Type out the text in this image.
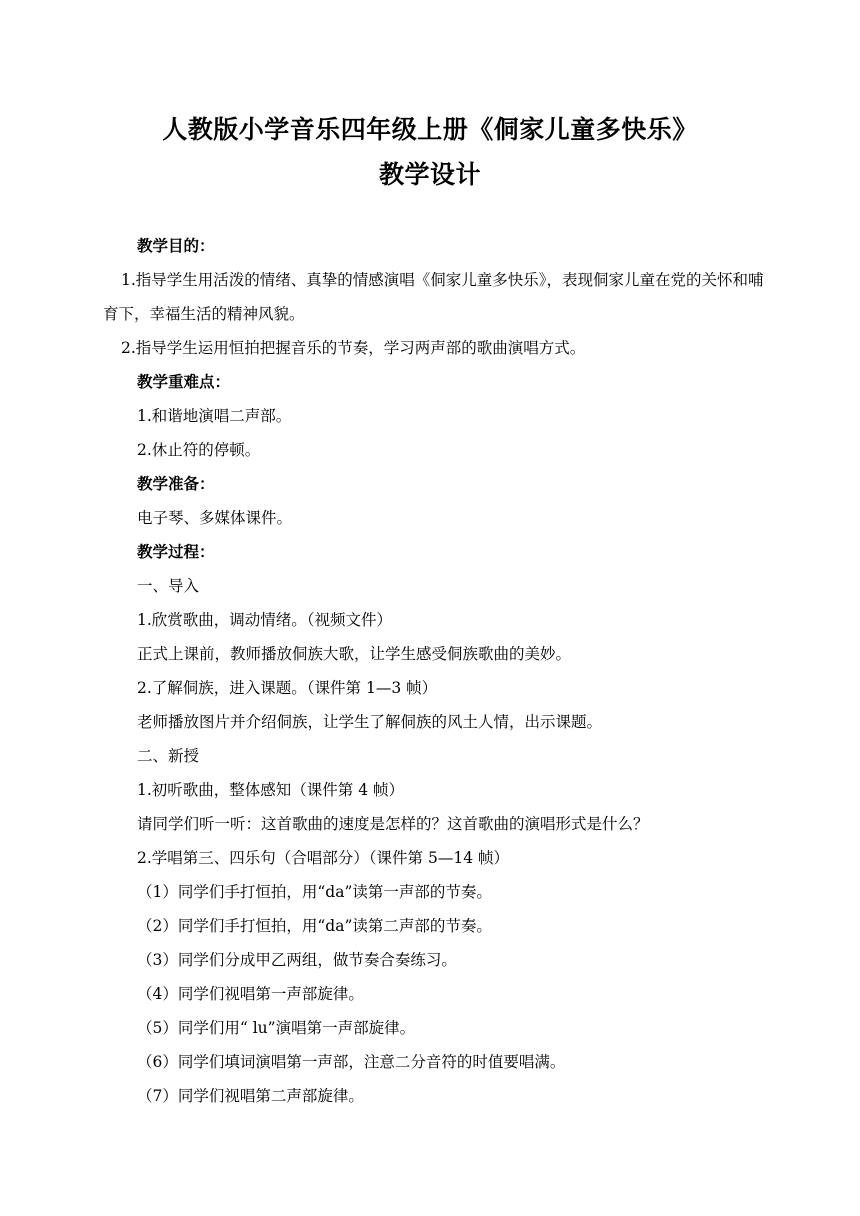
人教版小学音乐四年级上册《侗家儿童多快乐》
教学设计

教学目的：

1.指导学生用活泼的情绪、真挚的情感演唱《侗家儿童多快乐》，表现侗家儿童在党的关怀和哺育下，幸福生活的精神风貌。

2.指导学生运用恒拍把握音乐的节奏，学习两声部的歌曲演唱方式。

教学重难点：

1.和谐地演唱二声部。

2.休止符的停顿。

教学准备：

电子琴、多媒体课件。

教学过程：

一、导入

1.欣赏歌曲，调动情绪。（视频文件）

正式上课前，教师播放侗族大歌，让学生感受侗族歌曲的美妙。

2.了解侗族，进入课题。（课件第 1—3 帧）

老师播放图片并介绍侗族，让学生了解侗族的风土人情，出示课题。

二、新授

1.初听歌曲，整体感知（课件第 4 帧）

请同学们听一听：这首歌曲的速度是怎样的？这首歌曲的演唱形式是什么？

2.学唱第三、四乐句（合唱部分）（课件第 5—14 帧）

（1）同学们手打恒拍，用“da”读第一声部的节奏。

（2）同学们手打恒拍，用“da”读第二声部的节奏。

（3）同学们分成甲乙两组，做节奏合奏练习。

（4）同学们视唱第一声部旋律。

（5）同学们用“ lu”演唱第一声部旋律。

（6）同学们填词演唱第一声部，注意二分音符的时值要唱满。

（7）同学们视唱第二声部旋律。
